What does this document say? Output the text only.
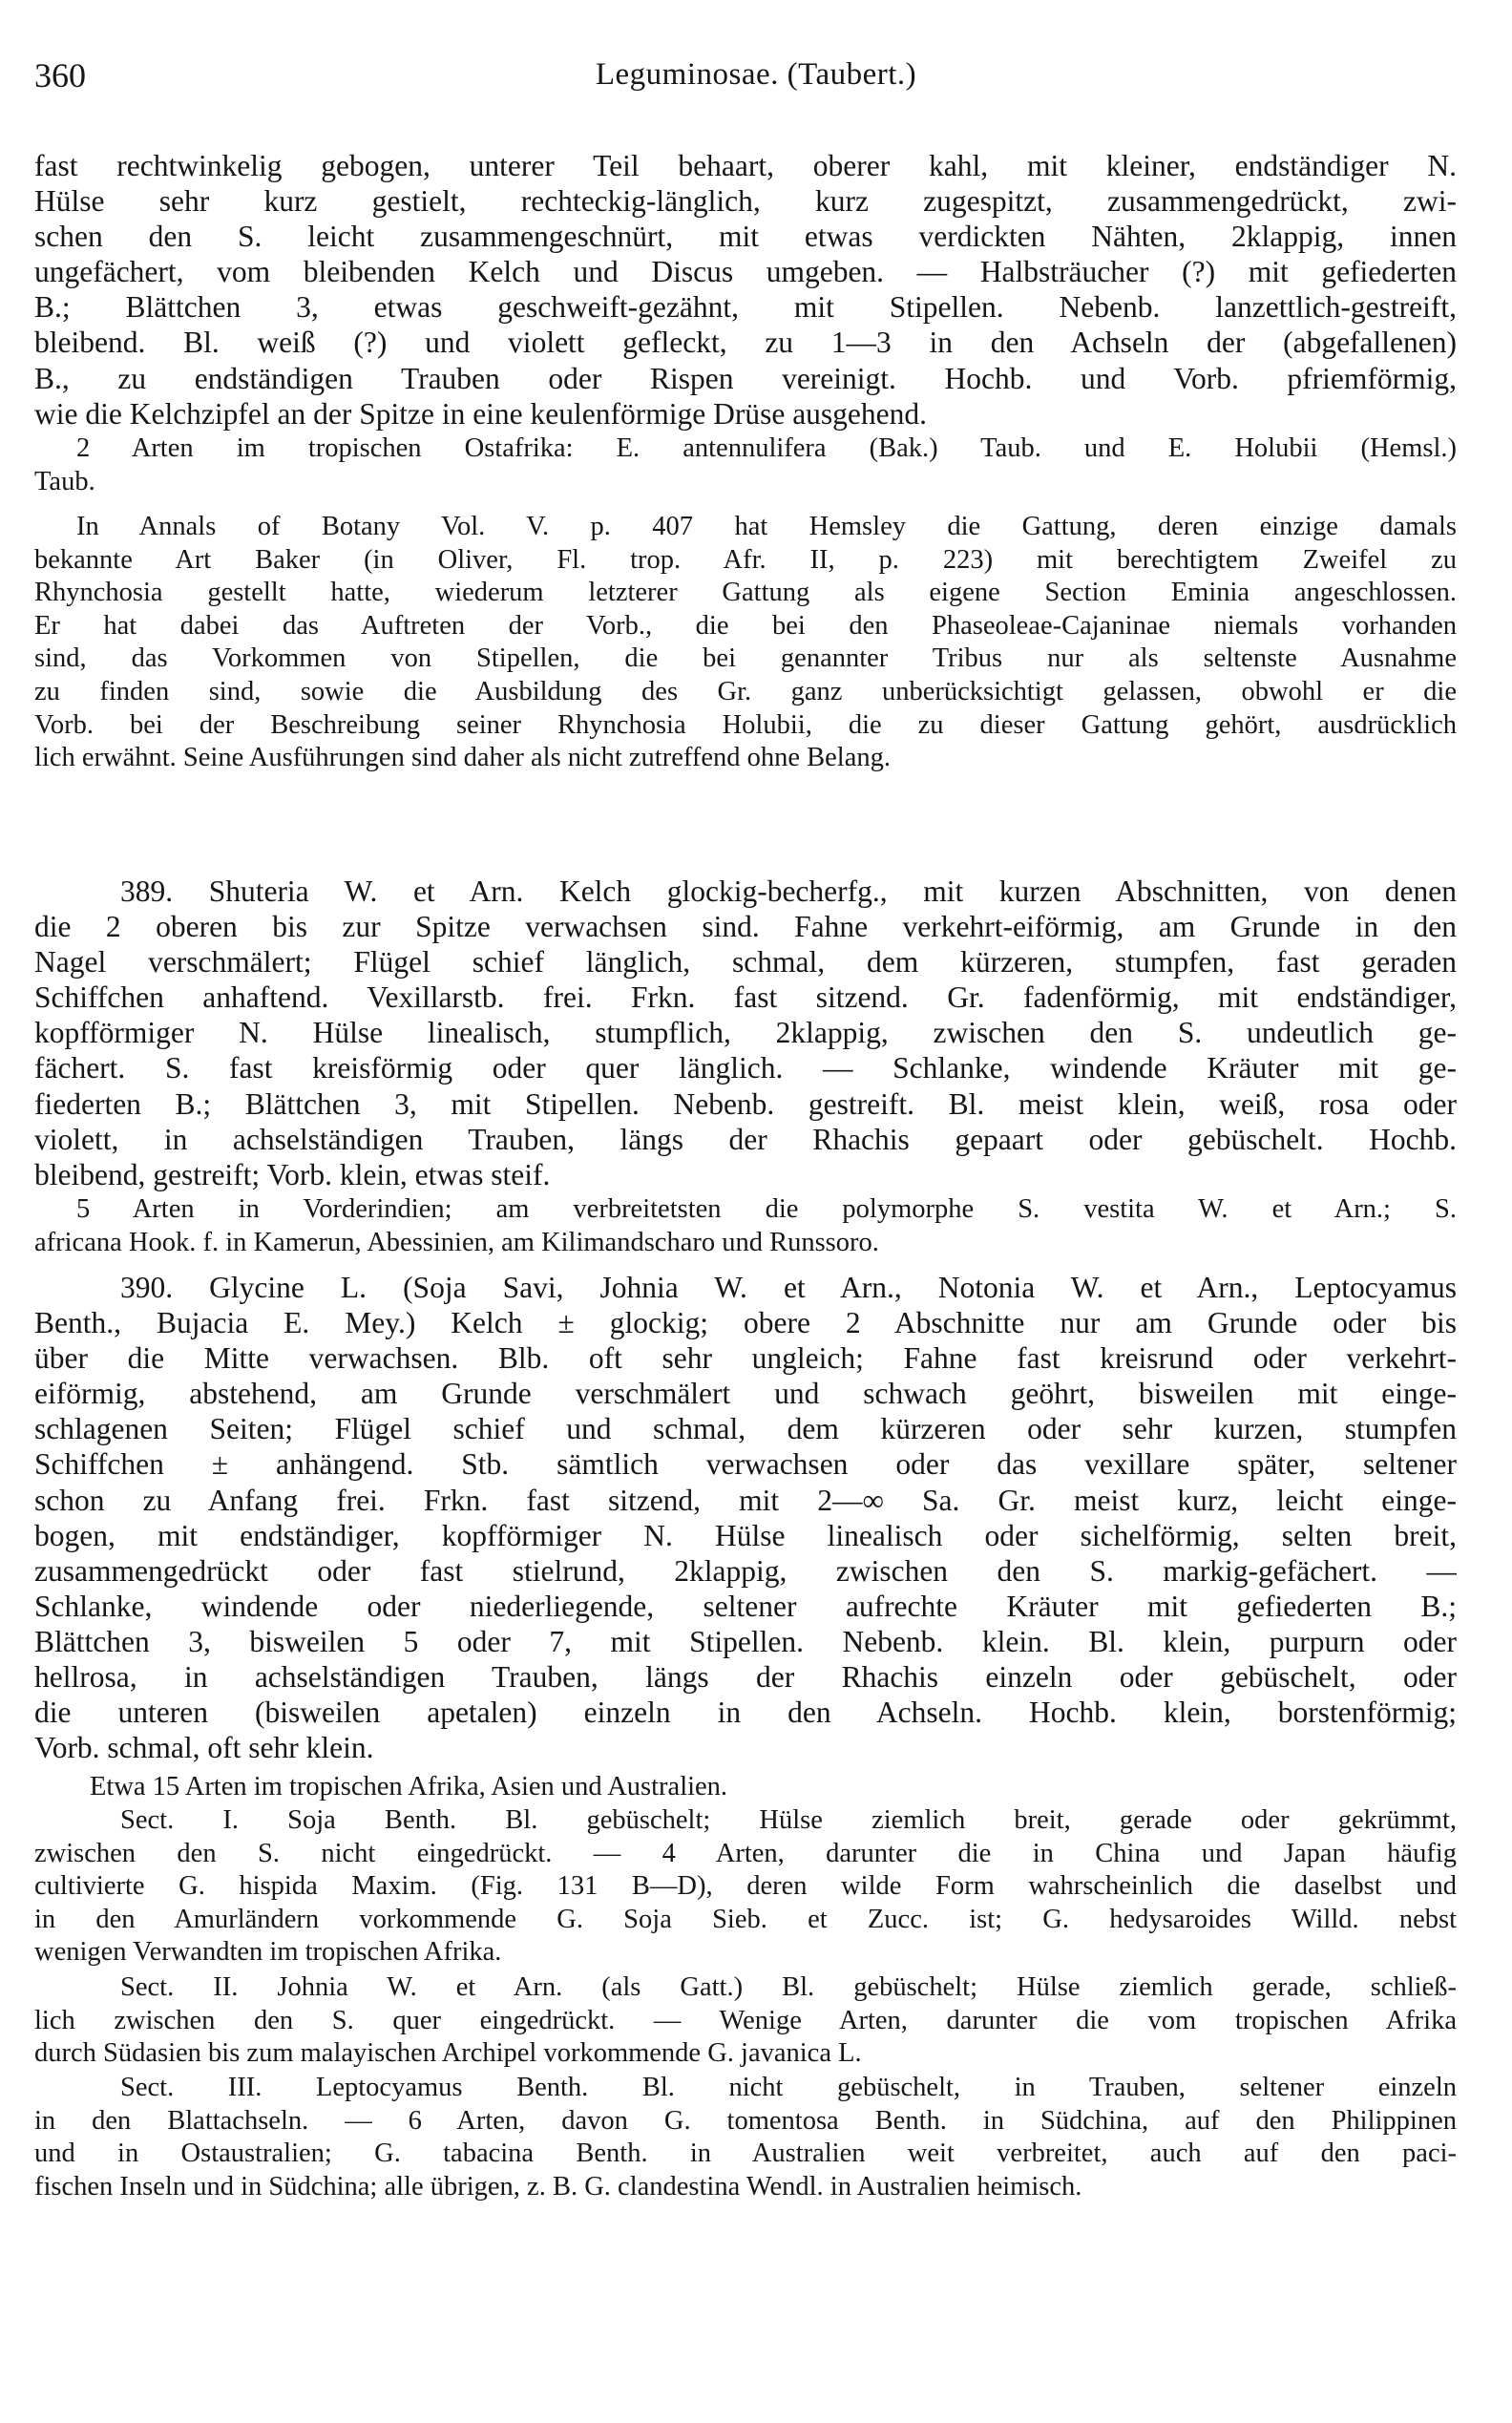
360	Leguminosae. (Taubert.)
fast rechtwinkelig gebogen, unterer Teil behaart, oberer kahl, mit kleiner, endständiger N.
Hülse sehr kurz gestielt, rechteckig-länglich, kurz zugespitzt, zusammengedrückt, zwi-
schen den S. leicht zusammengeschnürt, mit etwas verdickten Nähten, 2klappig, innen
ungefächert, vom bleibenden Kelch und Discus umgeben. — Halbsträucher (?) mit gefiederten
B.; Blättchen 3, etwas geschweift-gezähnt, mit Stipellen. Nebenb. lanzettlich-gestreift,
bleibend. Bl. weiß (?) und violett gefleckt, zu 1—3 in den Achseln der (abgefallenen)
B., zu endständigen Trauben oder Rispen vereinigt. Hochb. und Vorb. pfriemförmig,
wie die Kelchzipfel an der Spitze in eine keulenförmige Drüse ausgehend.
2 Arten im tropischen Ostafrika: E. antennulifera (Bak.) Taub. und E. Holubii (Hemsl.)
Taub.
In Annals of Botany Vol. V. p. 407 hat Hemsley die Gattung, deren einzige damals
bekannte Art Baker (in Oliver, Fl. trop. Afr. II, p. 223) mit berechtigtem Zweifel zu
Rhynchosia gestellt hatte, wiederum letzterer Gattung als eigene Section Eminia angeschlossen.
Er hat dabei das Auftreten der Vorb., die bei den Phaseoleae-Cajaninae niemals vorhanden
sind, das Vorkommen von Stipellen, die bei genannter Tribus nur als seltenste Ausnahme
zu finden sind, sowie die Ausbildung des Gr. ganz unberücksichtigt gelassen, obwohl er die
Vorb. bei der Beschreibung seiner Rhynchosia Holubii, die zu dieser Gattung gehört, ausdrücklich
lich erwähnt. Seine Ausführungen sind daher als nicht zutreffend ohne Belang.
389. Shuteria W. et Arn. Kelch glockig-becherfg., mit kurzen Abschnitten, von denen
die 2 oberen bis zur Spitze verwachsen sind. Fahne verkehrt-eiförmig, am Grunde in den
Nagel verschmälert; Flügel schief länglich, schmal, dem kürzeren, stumpfen, fast geraden
Schiffchen anhaftend. Vexillarstb. frei. Frkn. fast sitzend. Gr. fadenförmig, mit endständiger,
kopfförmiger N. Hülse linealisch, stumpflich, 2klappig, zwischen den S. undeutlich ge-
fächert. S. fast kreisförmig oder quer länglich. — Schlanke, windende Kräuter mit ge-
fiederten B.; Blättchen 3, mit Stipellen. Nebenb. gestreift. Bl. meist klein, weiß, rosa oder
violett, in achselständigen Trauben, längs der Rhachis gepaart oder gebüschelt. Hochb.
bleibend, gestreift; Vorb. klein, etwas steif.
5 Arten in Vorderindien; am verbreitetsten die polymorphe S. vestita W. et Arn.; S.
africana Hook. f. in Kamerun, Abessinien, am Kilimandscharo und Runssoro.
390. Glycine L. (Soja Savi, Johnia W. et Arn., Notonia W. et Arn., Leptocyamus
Benth., Bujacia E. Mey.) Kelch ± glockig; obere 2 Abschnitte nur am Grunde oder bis
über die Mitte verwachsen. Blb. oft sehr ungleich; Fahne fast kreisrund oder verkehrt-
eiförmig, abstehend, am Grunde verschmälert und schwach geöhrt, bisweilen mit einge-
schlagenen Seiten; Flügel schief und schmal, dem kürzeren oder sehr kurzen, stumpfen
Schiffchen ± anhängend. Stb. sämtlich verwachsen oder das vexillare später, seltener
schon zu Anfang frei. Frkn. fast sitzend, mit 2—∞ Sa. Gr. meist kurz, leicht einge-
bogen, mit endständiger, kopfförmiger N. Hülse linealisch oder sichelförmig, selten breit,
zusammengedrückt oder fast stielrund, 2klappig, zwischen den S. markig-gefächert. —
Schlanke, windende oder niederliegende, seltener aufrechte Kräuter mit gefiederten B.;
Blättchen 3, bisweilen 5 oder 7, mit Stipellen. Nebenb. klein. Bl. klein, purpurn oder
hellrosa, in achselständigen Trauben, längs der Rhachis einzeln oder gebüschelt, oder
die unteren (bisweilen apetalen) einzeln in den Achseln. Hochb. klein, borstenförmig;
Vorb. schmal, oft sehr klein.
Etwa 15 Arten im tropischen Afrika, Asien und Australien.
Sect. I. Soja Benth. Bl. gebüschelt; Hülse ziemlich breit, gerade oder gekrümmt,
zwischen den S. nicht eingedrückt. — 4 Arten, darunter die in China und Japan häufig
cultivierte G. hispida Maxim. (Fig. 131 B—D), deren wilde Form wahrscheinlich die daselbst und
in den Amurländern vorkommende G. Soja Sieb. et Zucc. ist; G. hedysaroides Willd. nebst
wenigen Verwandten im tropischen Afrika.
Sect. II. Johnia W. et Arn. (als Gatt.) Bl. gebüschelt; Hülse ziemlich gerade, schließ-
lich zwischen den S. quer eingedrückt. — Wenige Arten, darunter die vom tropischen Afrika
durch Südasien bis zum malayischen Archipel vorkommende G. javanica L.
Sect. III. Leptocyamus Benth. Bl. nicht gebüschelt, in Trauben, seltener einzeln
in den Blattachseln. — 6 Arten, davon G. tomentosa Benth. in Südchina, auf den Philippinen
und in Ostaustralien; G. tabacina Benth. in Australien weit verbreitet, auch auf den paci-
fischen Inseln und in Südchina; alle übrigen, z. B. G. clandestina Wendl. in Australien heimisch.
